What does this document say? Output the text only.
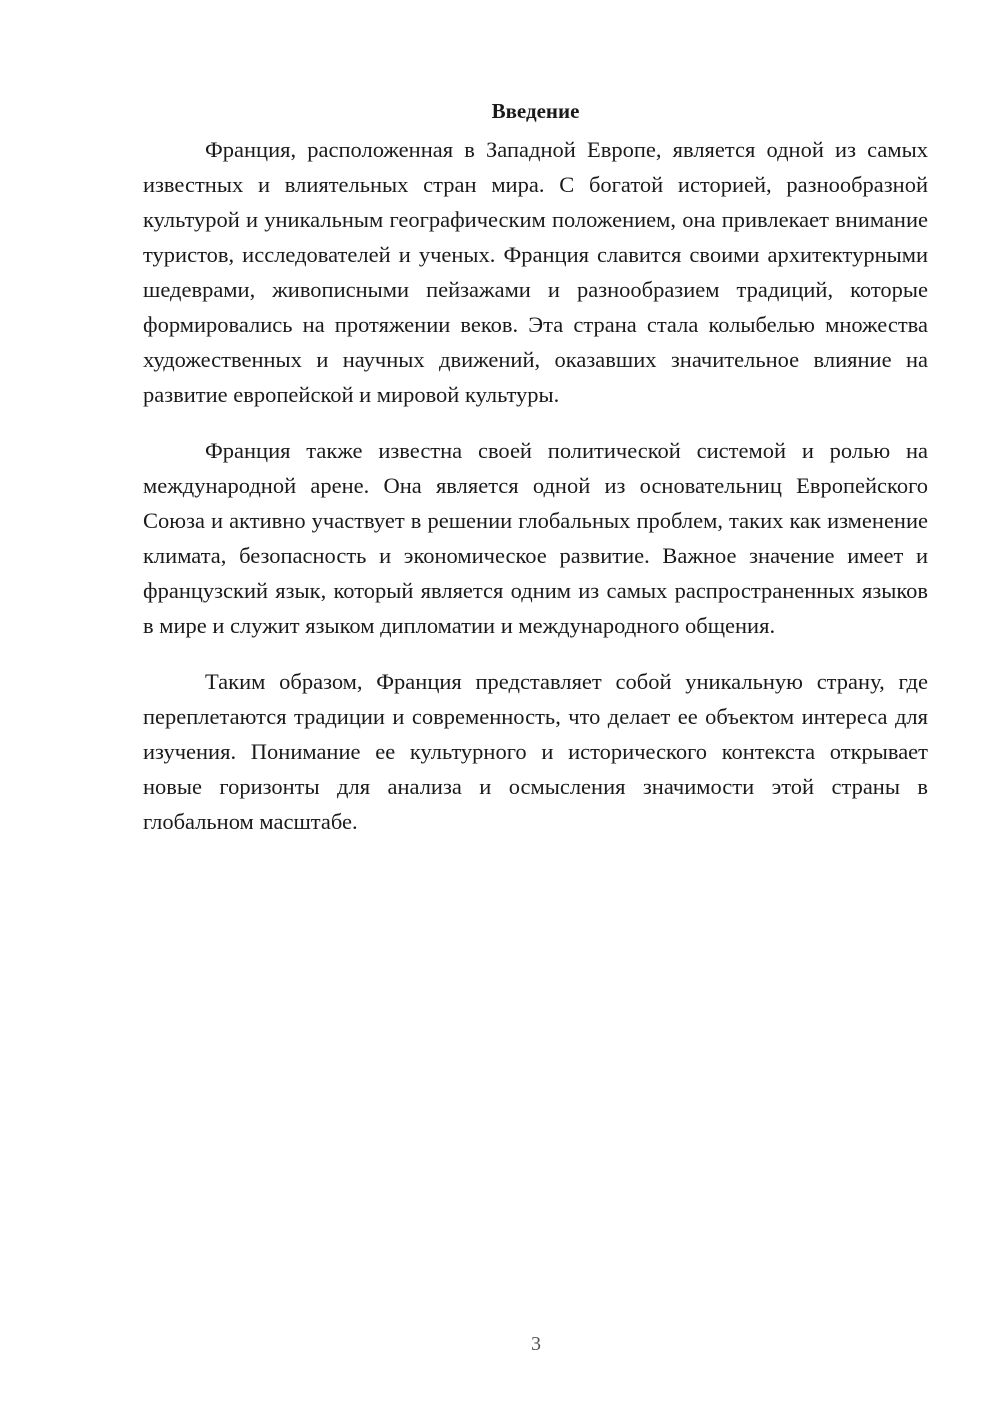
Введение

Франция, расположенная в Западной Европе, является одной из самых известных и влиятельных стран мира. С богатой историей, разнообразной культурой и уникальным географическим положением, она привлекает внимание туристов, исследователей и ученых. Франция славится своими архитектурными шедеврами, живописными пейзажами и разнообразием традиций, которые формировались на протяжении веков. Эта страна стала колыбелью множества художественных и научных движений, оказавших значительное влияние на развитие европейской и мировой культуры.

Франция также известна своей политической системой и ролью на международной арене. Она является одной из основательниц Европейского Союза и активно участвует в решении глобальных проблем, таких как изменение климата, безопасность и экономическое развитие. Важное значение имеет и французский язык, который является одним из самых распространенных языков в мире и служит языком дипломатии и международного общения.

Таким образом, Франция представляет собой уникальную страну, где переплетаются традиции и современность, что делает ее объектом интереса для изучения. Понимание ее культурного и исторического контекста открывает новые горизонты для анализа и осмысления значимости этой страны в глобальном масштабе.

3
